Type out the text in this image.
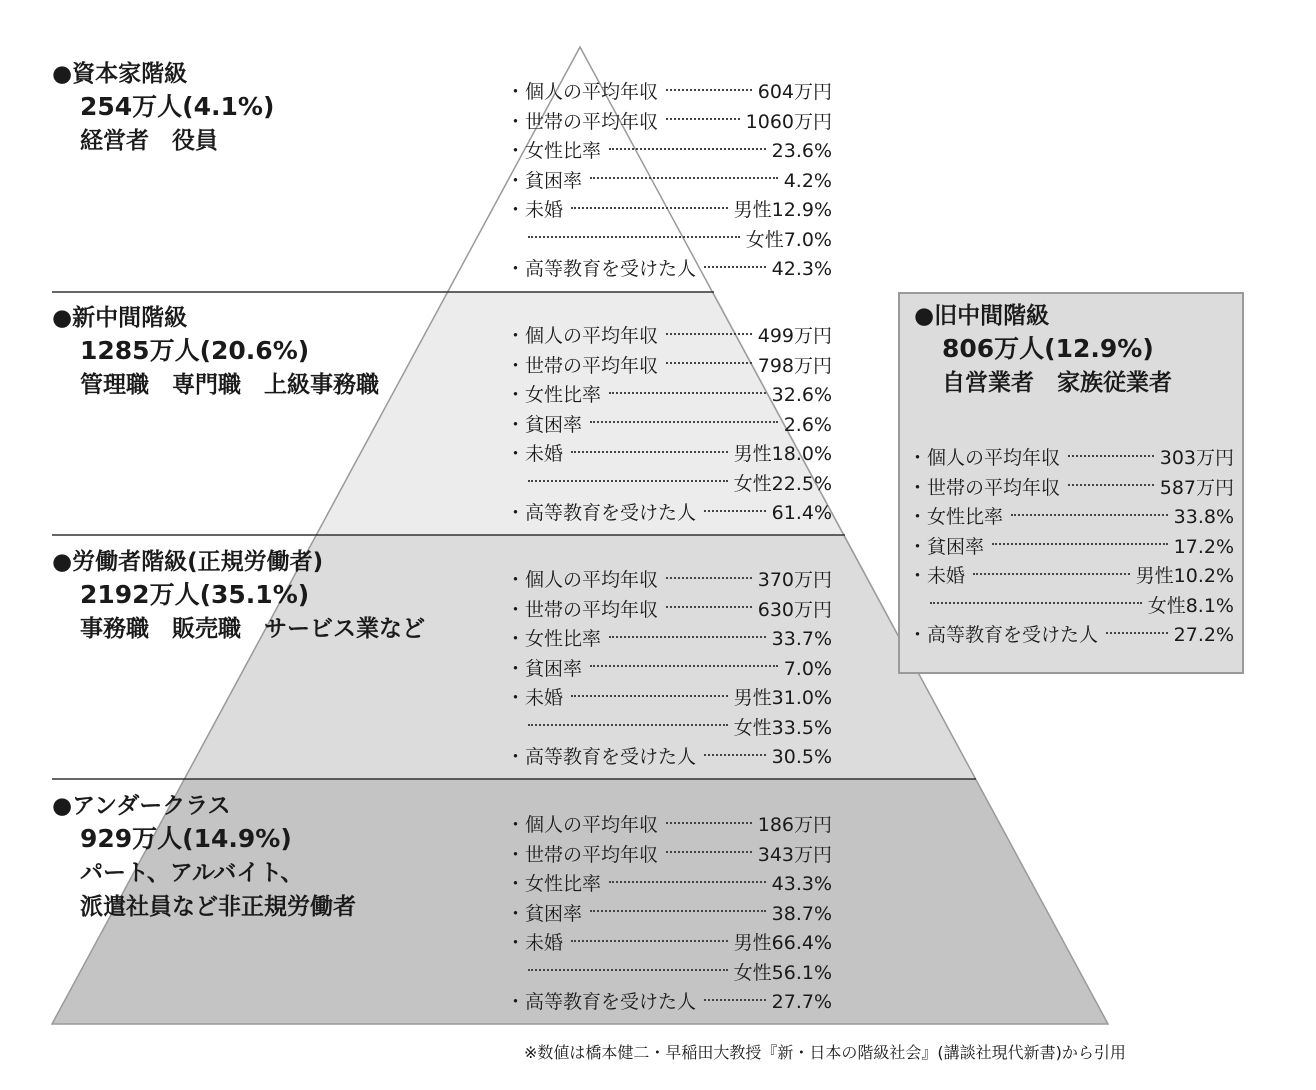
●資本家階級
254万人(4.1%)
経営者　役員
・個人の平均年収	604万円
・世帯の平均年収	1060万円
・女性比率	23.6%
・貧困率	4.2%
・未婚	男性12.9%
女性7.0%
・高等教育を受けた人	42.3%
●新中間階級
1285万人(20.6%)
管理職　専門職　上級事務職
・個人の平均年収	499万円
・世帯の平均年収	798万円
・女性比率	32.6%
・貧困率	2.6%
・未婚	男性18.0%
女性22.5%
・高等教育を受けた人	61.4%
●労働者階級(正規労働者)
2192万人(35.1%)
事務職　販売職　サービス業など
・個人の平均年収	370万円
・世帯の平均年収	630万円
・女性比率	33.7%
・貧困率	7.0%
・未婚	男性31.0%
女性33.5%
・高等教育を受けた人	30.5%
●アンダークラス
929万人(14.9%)
パート、アルバイト、
派遣社員など非正規労働者
・個人の平均年収	186万円
・世帯の平均年収	343万円
・女性比率	43.3%
・貧困率	38.7%
・未婚	男性66.4%
女性56.1%
・高等教育を受けた人	27.7%
●旧中間階級
806万人(12.9%)
自営業者　家族従業者
・個人の平均年収	303万円
・世帯の平均年収	587万円
・女性比率	33.8%
・貧困率	17.2%
・未婚	男性10.2%
女性8.1%
・高等教育を受けた人	27.2%
※数値は橋本健二・早稲田大教授『新・日本の階級社会』(講談社現代新書)から引用
